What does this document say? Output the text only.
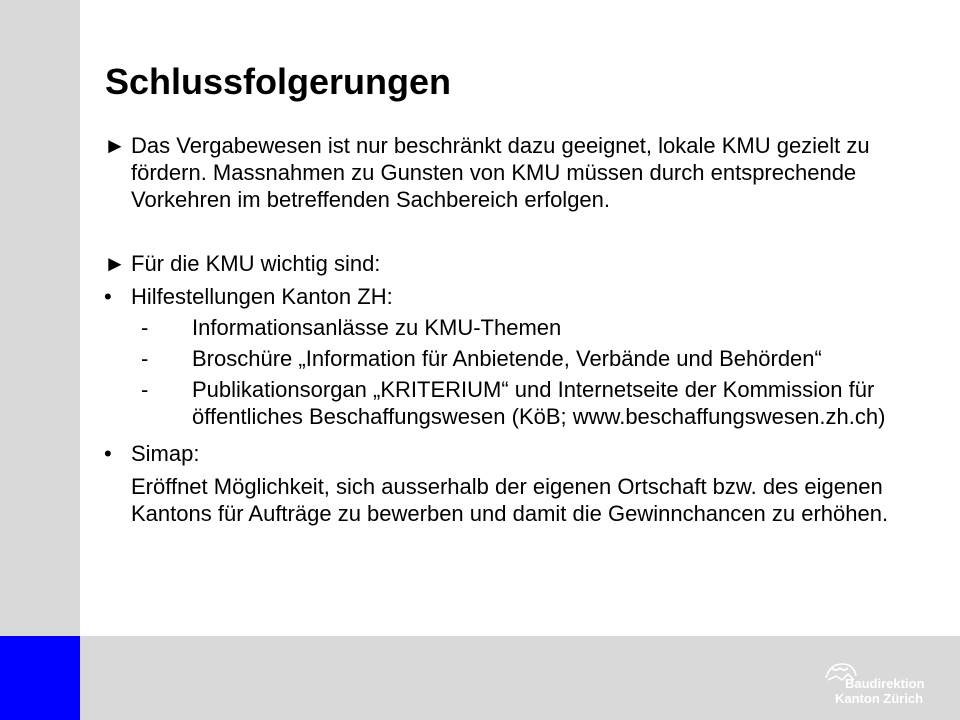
Schlussfolgerungen
► Das Vergabewesen ist nur beschränkt dazu geeignet, lokale KMU gezielt zu fördern. Massnahmen zu Gunsten von KMU müssen durch entsprechende Vorkehren im betreffenden Sachbereich erfolgen.
► Für die KMU wichtig sind:
• Hilfestellungen Kanton ZH:
- Informationsanlässe zu KMU-Themen
- Broschüre „Information für Anbietende, Verbände und Behörden“
- Publikationsorgan „KRITERIUM“ und Internetseite der Kommission für öffentliches Beschaffungswesen (KöB; www.beschaffungswesen.zh.ch)
• Simap:
Eröffnet Möglichkeit, sich ausserhalb der eigenen Ortschaft bzw. des eigenen Kantons für Aufträge zu bewerben und damit die Gewinnchancen zu erhöhen.
Baudirektion
Kanton Zürich
